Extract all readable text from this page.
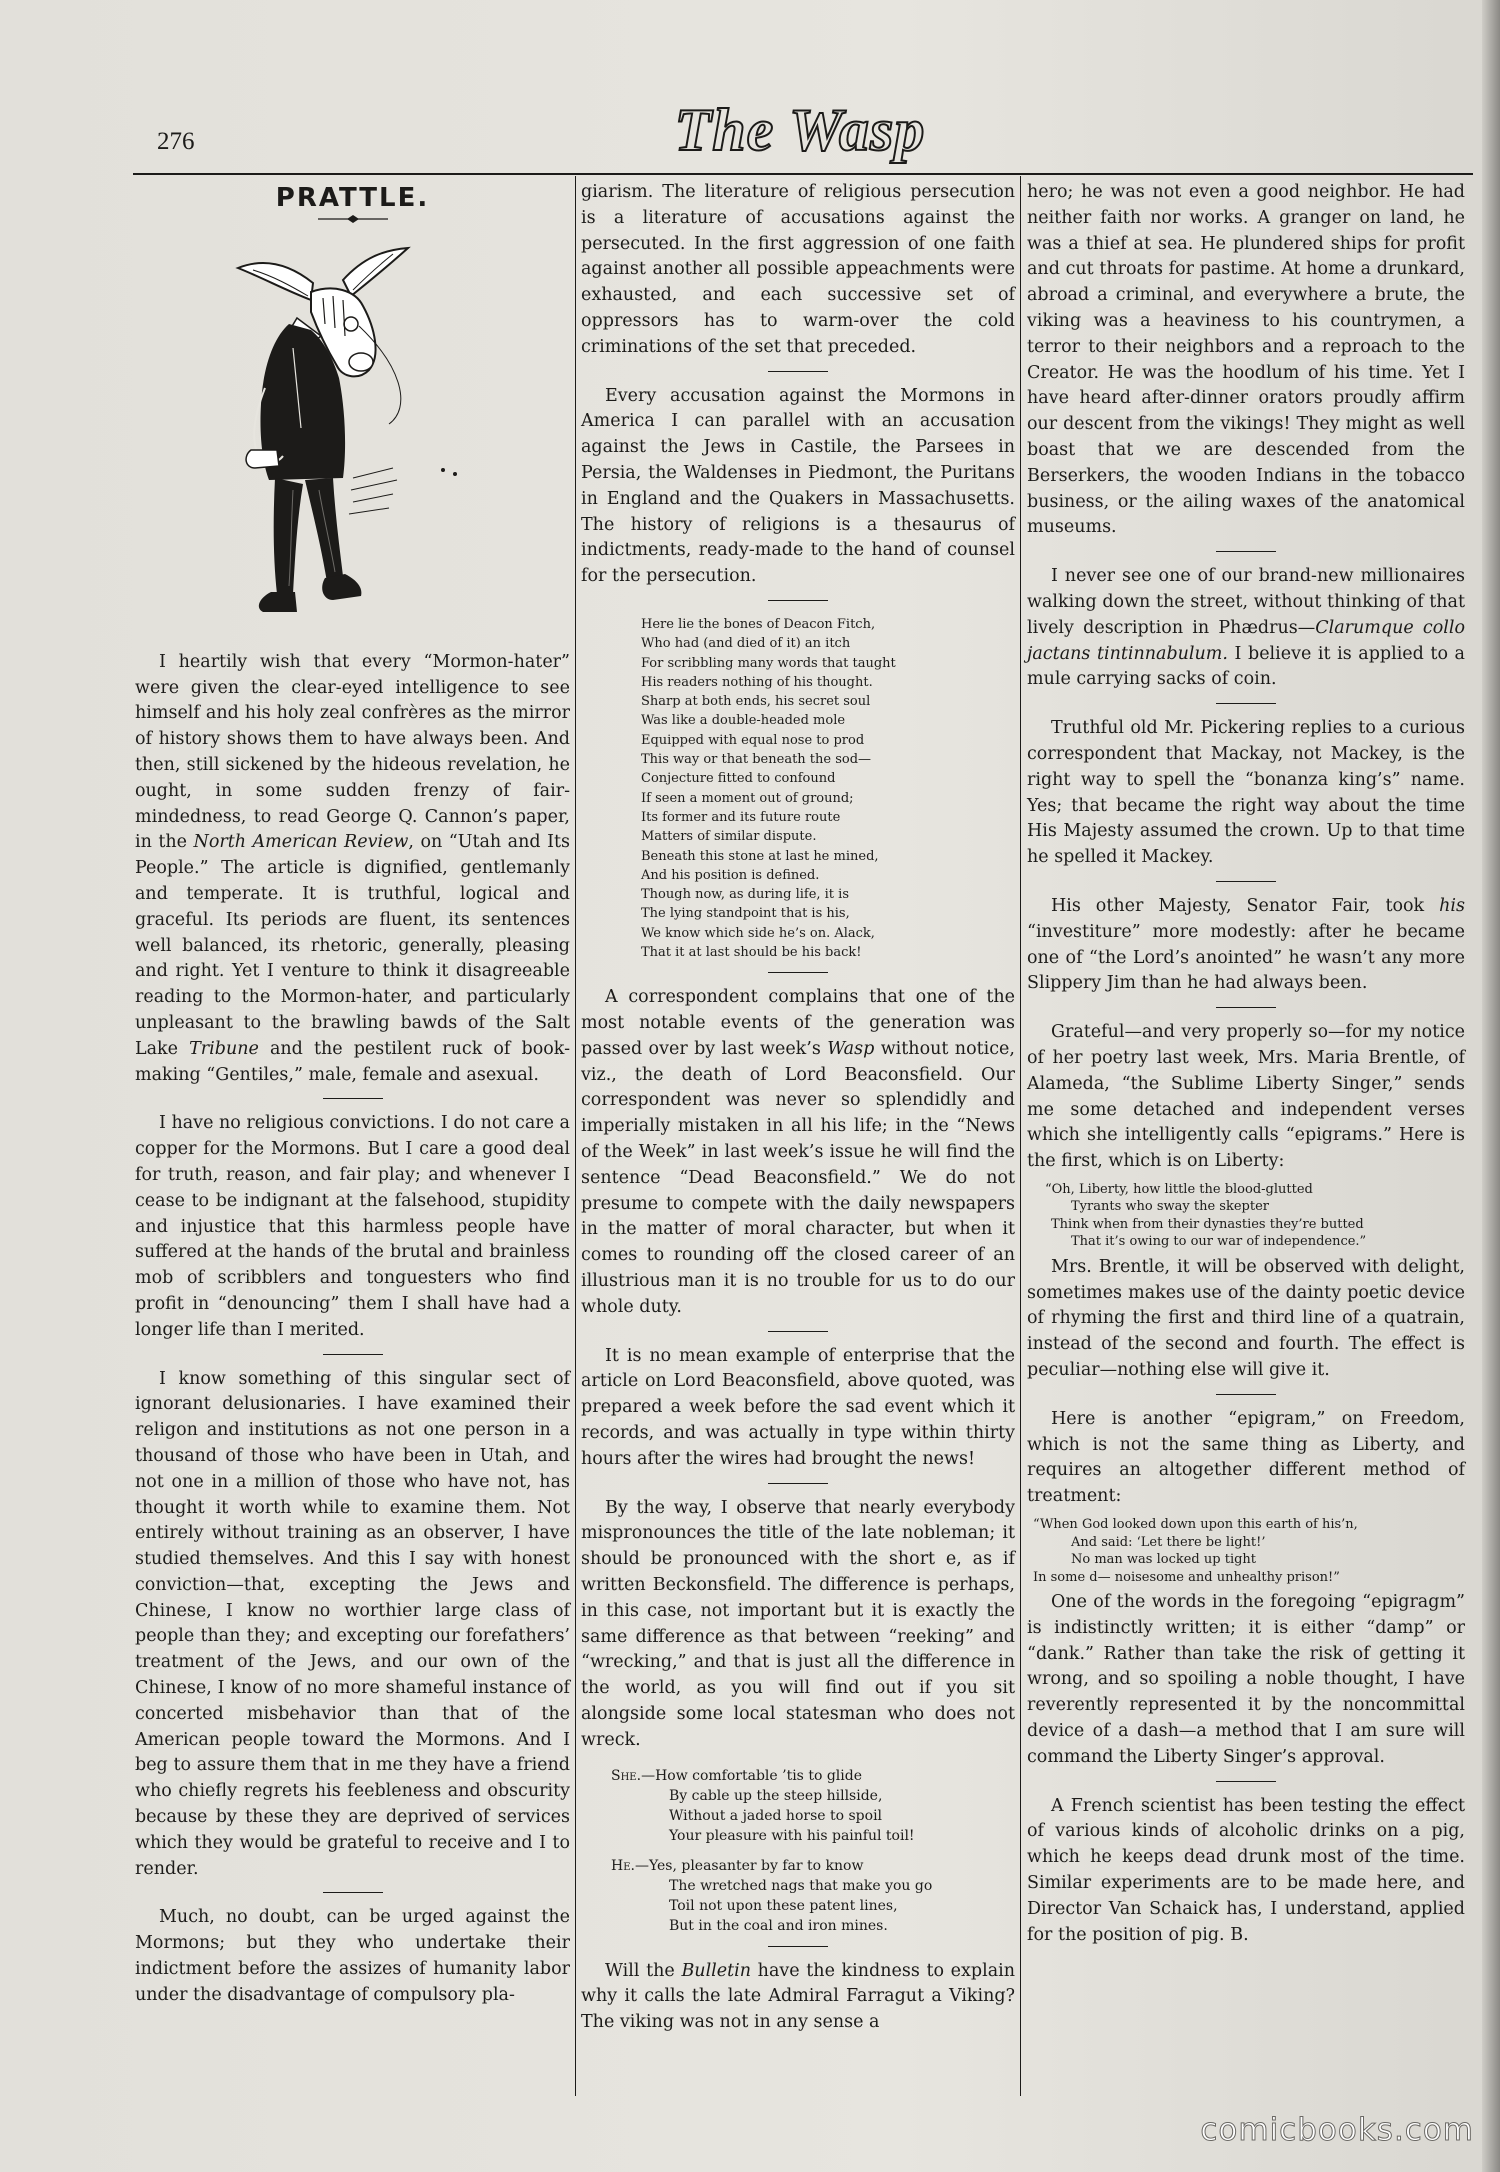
276	The Wasp
PRATTLE.

I heartily wish that every “Mormon-hater” were given the clear-eyed intelligence to see himself and his holy zeal confrères as the mirror of history shows them to have always been. And then, still sickened by the hideous revelation, he ought, in some sudden frenzy of fair-mindedness, to read George Q. Cannon’s paper, in the North American Review, on “Utah and Its People.” The article is dignified, gentlemanly and temperate. It is truthful, logical and graceful. Its periods are fluent, its sentences well balanced, its rhetoric, generally, pleasing and right. Yet I venture to think it disagreeable reading to the Mormon-hater, and particularly unpleasant to the brawling bawds of the Salt Lake Tribune and the pestilent ruck of book-making “Gentiles,” male, female and asexual.

I have no religious convictions. I do not care a copper for the Mormons. But I care a good deal for truth, reason, and fair play; and whenever I cease to be indignant at the falsehood, stupidity and injustice that this harmless people have suffered at the hands of the brutal and brainless mob of scribblers and tonguesters who find profit in “denouncing” them I shall have had a longer life than I merited.

I know something of this singular sect of ignorant delusionaries. I have examined their religon and institutions as not one person in a thousand of those who have been in Utah, and not one in a million of those who have not, has thought it worth while to examine them. Not entirely without training as an observer, I have studied themselves. And this I say with honest conviction—that, excepting the Jews and Chinese, I know no worthier large class of people than they; and excepting our forefathers’ treatment of the Jews, and our own of the Chinese, I know of no more shameful instance of concerted misbehavior than that of the American people toward the Mormons. And I beg to assure them that in me they have a friend who chiefly regrets his feebleness and obscurity because by these they are deprived of services which they would be grateful to receive and I to render.

Much, no doubt, can be urged against the Mormons; but they who undertake their indictment before the assizes of humanity labor under the disadvantage of compulsory pla-

giarism. The literature of religious persecution is a literature of accusations against the persecuted. In the first aggression of one faith against another all possible appeachments were exhausted, and each successive set of oppressors has to warm-over the cold criminations of the set that preceded.

Every accusation against the Mormons in America I can parallel with an accusation against the Jews in Castile, the Parsees in Persia, the Waldenses in Piedmont, the Puritans in England and the Quakers in Massachusetts. The history of religions is a thesaurus of indictments, ready-made to the hand of counsel for the persecution.

Here lie the bones of Deacon Fitch,
Who had (and died of it) an itch
For scribbling many words that taught
His readers nothing of his thought.
Sharp at both ends, his secret soul
Was like a double-headed mole
Equipped with equal nose to prod
This way or that beneath the sod—
Conjecture fitted to confound
If seen a moment out of ground;
Its former and its future route
Matters of similar dispute.
Beneath this stone at last he mined,
And his position is defined.
Though now, as during life, it is
The lying standpoint that is his,
We know which side he’s on. Alack,
That it at last should be his back!

A correspondent complains that one of the most notable events of the generation was passed over by last week’s Wasp without notice, viz., the death of Lord Beaconsfield. Our correspondent was never so splendidly and imperially mistaken in all his life; in the “News of the Week” in last week’s issue he will find the sentence “Dead Beaconsfield.” We do not presume to compete with the daily newspapers in the matter of moral character, but when it comes to rounding off the closed career of an illustrious man it is no trouble for us to do our whole duty.

It is no mean example of enterprise that the article on Lord Beaconsfield, above quoted, was prepared a week before the sad event which it records, and was actually in type within thirty hours after the wires had brought the news!

By the way, I observe that nearly everybody mispronounces the title of the late nobleman; it should be pronounced with the short e, as if written Beckonsfield. The difference is perhaps, in this case, not important but it is exactly the same difference as that between “reeking” and “wrecking,” and that is just all the difference in the world, as you will find out if you sit alongside some local statesman who does not wreck.

She.—How comfortable ’tis to glide
By cable up the steep hillside,
Without a jaded horse to spoil
Your pleasure with his painful toil!
He.—Yes, pleasanter by far to know
The wretched nags that make you go
Toil not upon these patent lines,
But in the coal and iron mines.

Will the Bulletin have the kindness to explain why it calls the late Admiral Farragut a Viking? The viking was not in any sense a

hero; he was not even a good neighbor. He had neither faith nor works. A granger on land, he was a thief at sea. He plundered ships for profit and cut throats for pastime. At home a drunkard, abroad a criminal, and everywhere a brute, the viking was a heaviness to his countrymen, a terror to their neighbors and a reproach to the Creator. He was the hoodlum of his time. Yet I have heard after-dinner orators proudly affirm our descent from the vikings! They might as well boast that we are descended from the Berserkers, the wooden Indians in the tobacco business, or the ailing waxes of the anatomical museums.

I never see one of our brand-new millionaires walking down the street, without thinking of that lively description in Phædrus—Clarumque collo jactans tintinnabulum. I believe it is applied to a mule carrying sacks of coin.

Truthful old Mr. Pickering replies to a curious correspondent that Mackay, not Mackey, is the right way to spell the “bonanza king’s” name. Yes; that became the right way about the time His Majesty assumed the crown. Up to that time he spelled it Mackey.

His other Majesty, Senator Fair, took his “investiture” more modestly: after he became one of “the Lord’s anointed” he wasn’t any more Slippery Jim than he had always been.

Grateful—and very properly so—for my notice of her poetry last week, Mrs. Maria Brentle, of Alameda, “the Sublime Liberty Singer,” sends me some detached and independent verses which she intelligently calls “epigrams.” Here is the first, which is on Liberty:

“Oh, Liberty, how little the blood-glutted
Tyrants who sway the skepter
Think when from their dynasties they’re butted
That it’s owing to our war of independence.”

Mrs. Brentle, it will be observed with delight, sometimes makes use of the dainty poetic device of rhyming the first and third line of a quatrain, instead of the second and fourth. The effect is peculiar—nothing else will give it.

Here is another “epigram,” on Freedom, which is not the same thing as Liberty, and requires an altogether different method of treatment:

“When God looked down upon this earth of his’n,
And said: ‘Let there be light!’
No man was locked up tight
In some d— noisesome and unhealthy prison!”

One of the words in the foregoing “epigragm” is indistinctly written; it is either “damp” or “dank.” Rather than take the risk of getting it wrong, and so spoiling a noble thought, I have reverently represented it by the noncommittal device of a dash—a method that I am sure will command the Liberty Singer’s approval.

A French scientist has been testing the effect of various kinds of alcoholic drinks on a pig, which he keeps dead drunk most of the time. Similar experiments are to be made here, and Director Van Schaick has, I understand, applied for the position of pig. B.

comicbooks.com
